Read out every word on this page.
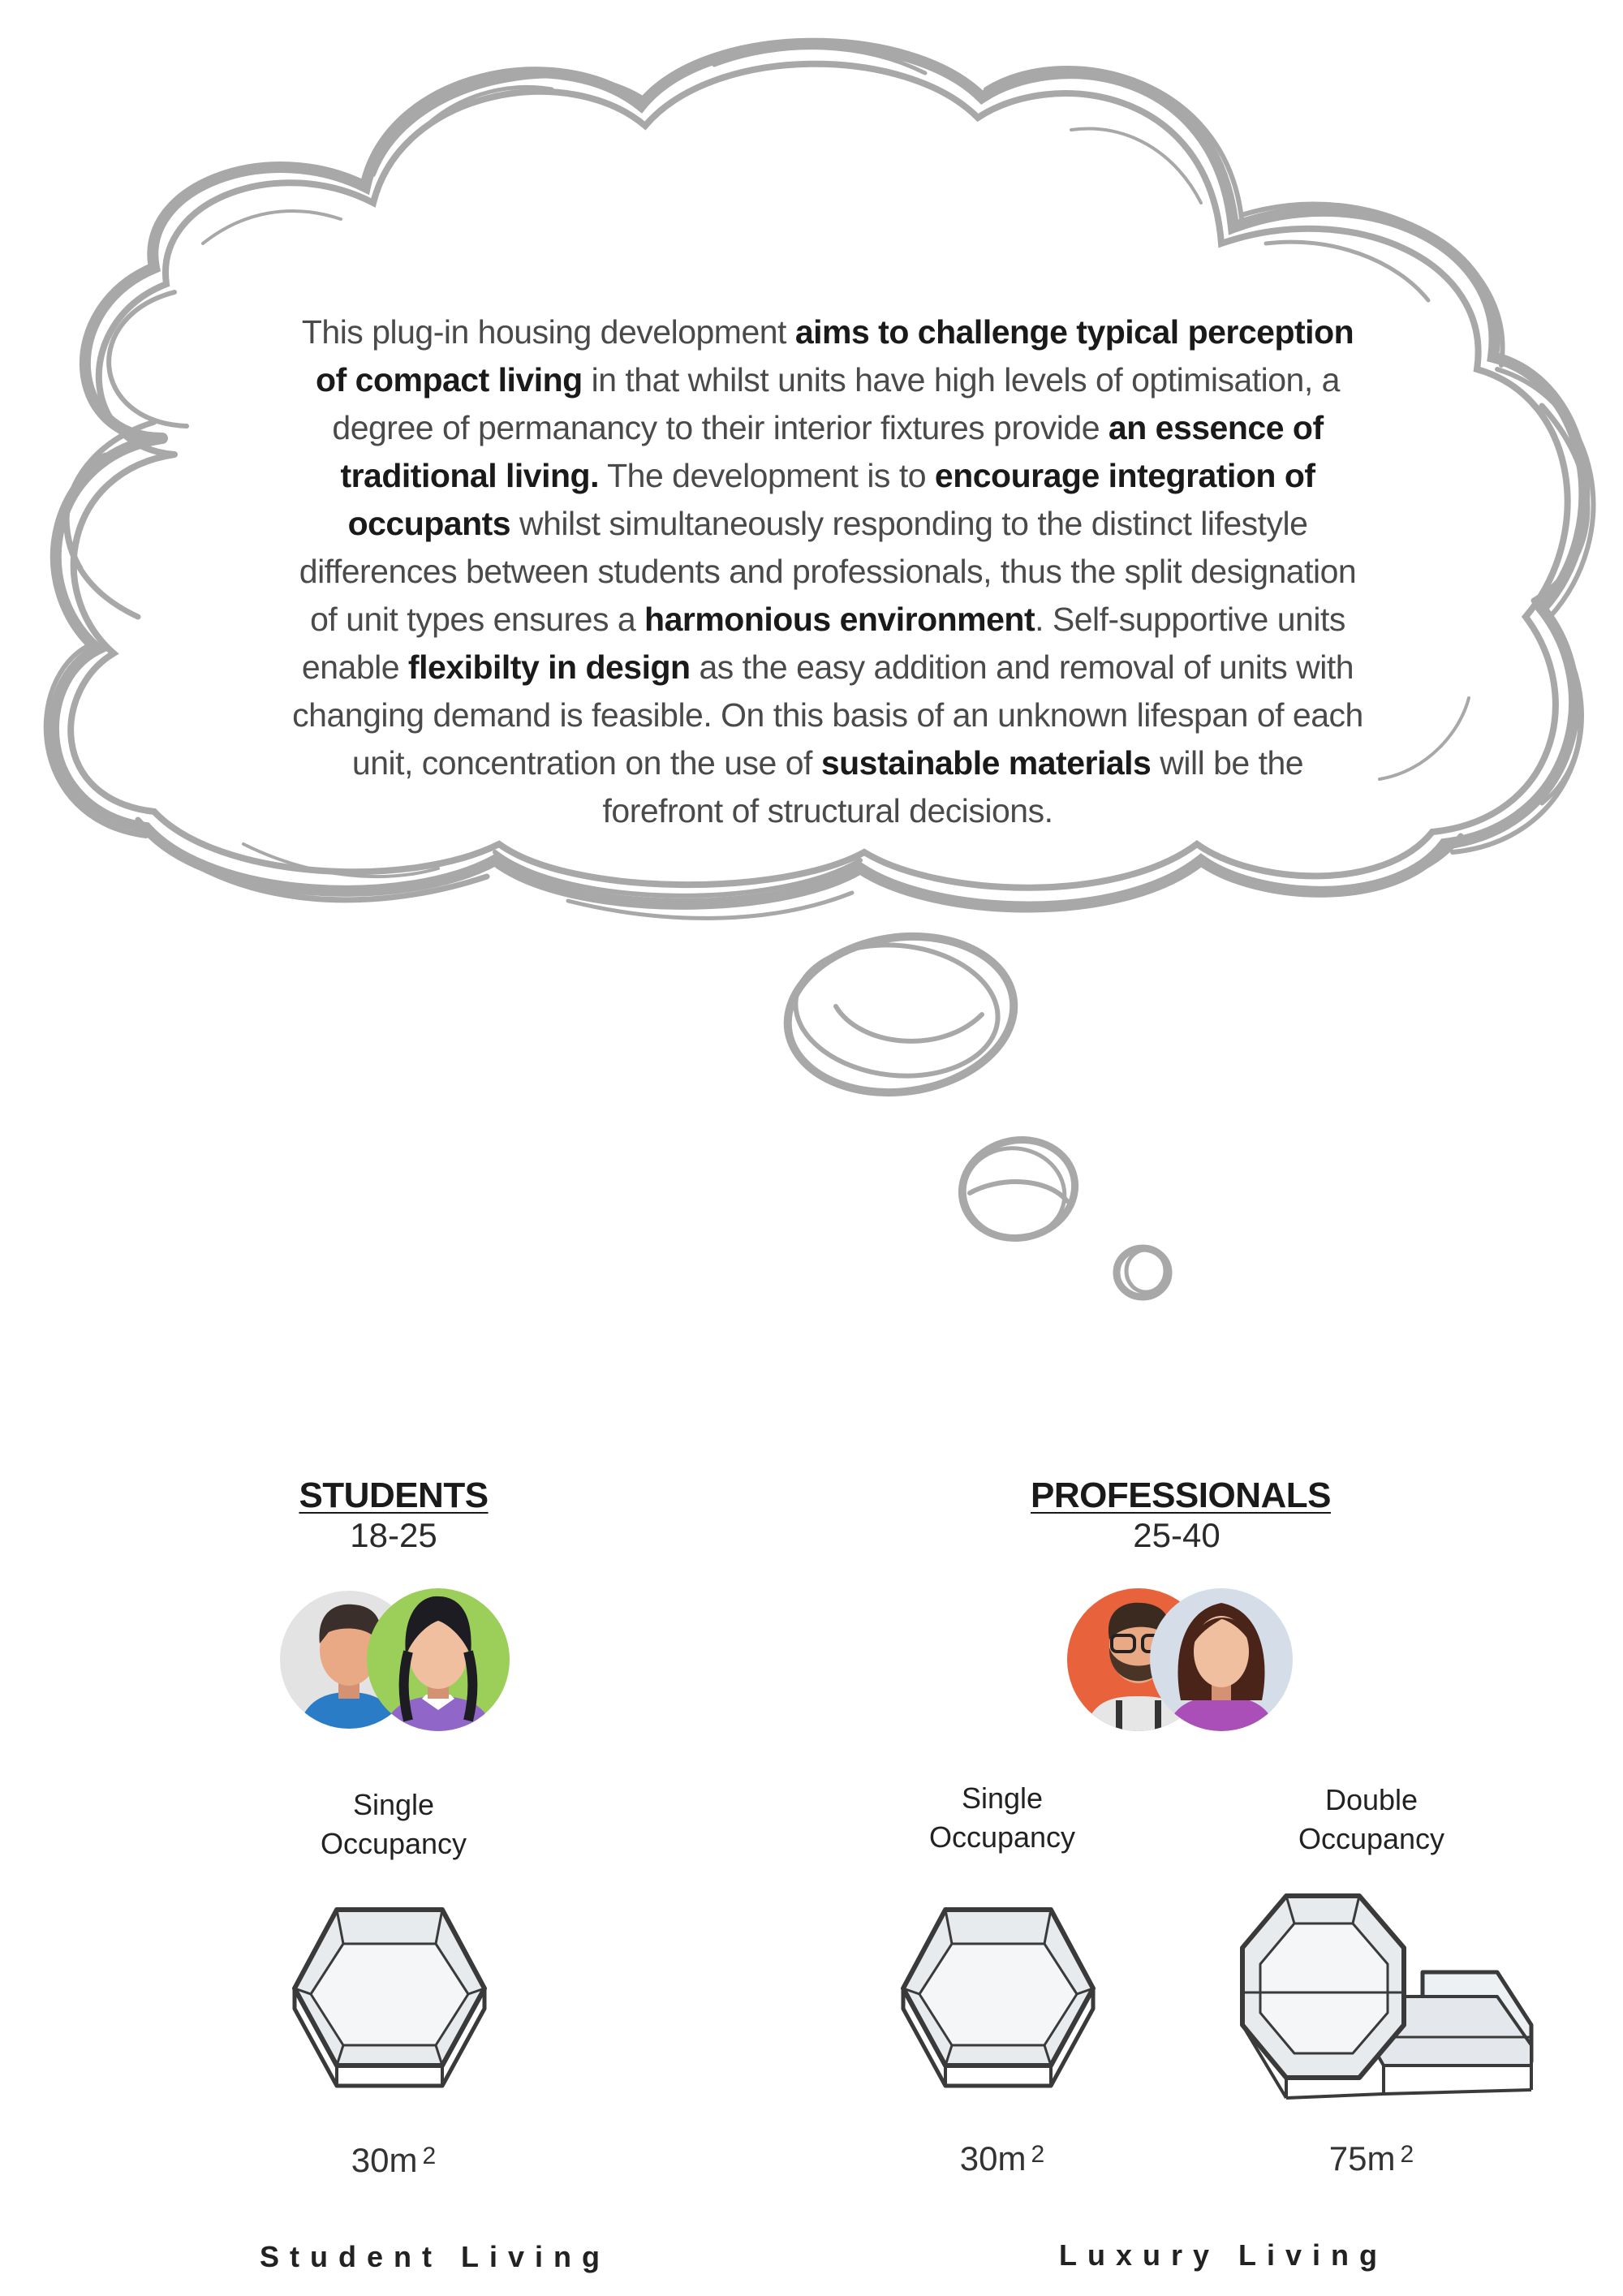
This plug-in housing development aims to challenge typical perception of compact living in that whilst units have high levels of optimisation, a degree of permanancy to their interior fixtures provide an essence of traditional living. The development is to encourage integration of occupants whilst simultaneously responding to the distinct lifestyle differences between students and professionals, thus the split designation of unit types ensures a harmonious environment. Self-supportive units enable flexibilty in design as the easy addition and removal of units with changing demand is feasible. On this basis of an unknown lifespan of each unit, concentration on the use of sustainable materials will be the forefront of structural decisions.
STUDENTS
18-25
Single
Occupancy
30m $^2$
Student Living
PROFESSIONALS
25-40
Single
Occupancy
Double
Occupancy
30m $^2$	75m $^2$
Luxury Living
